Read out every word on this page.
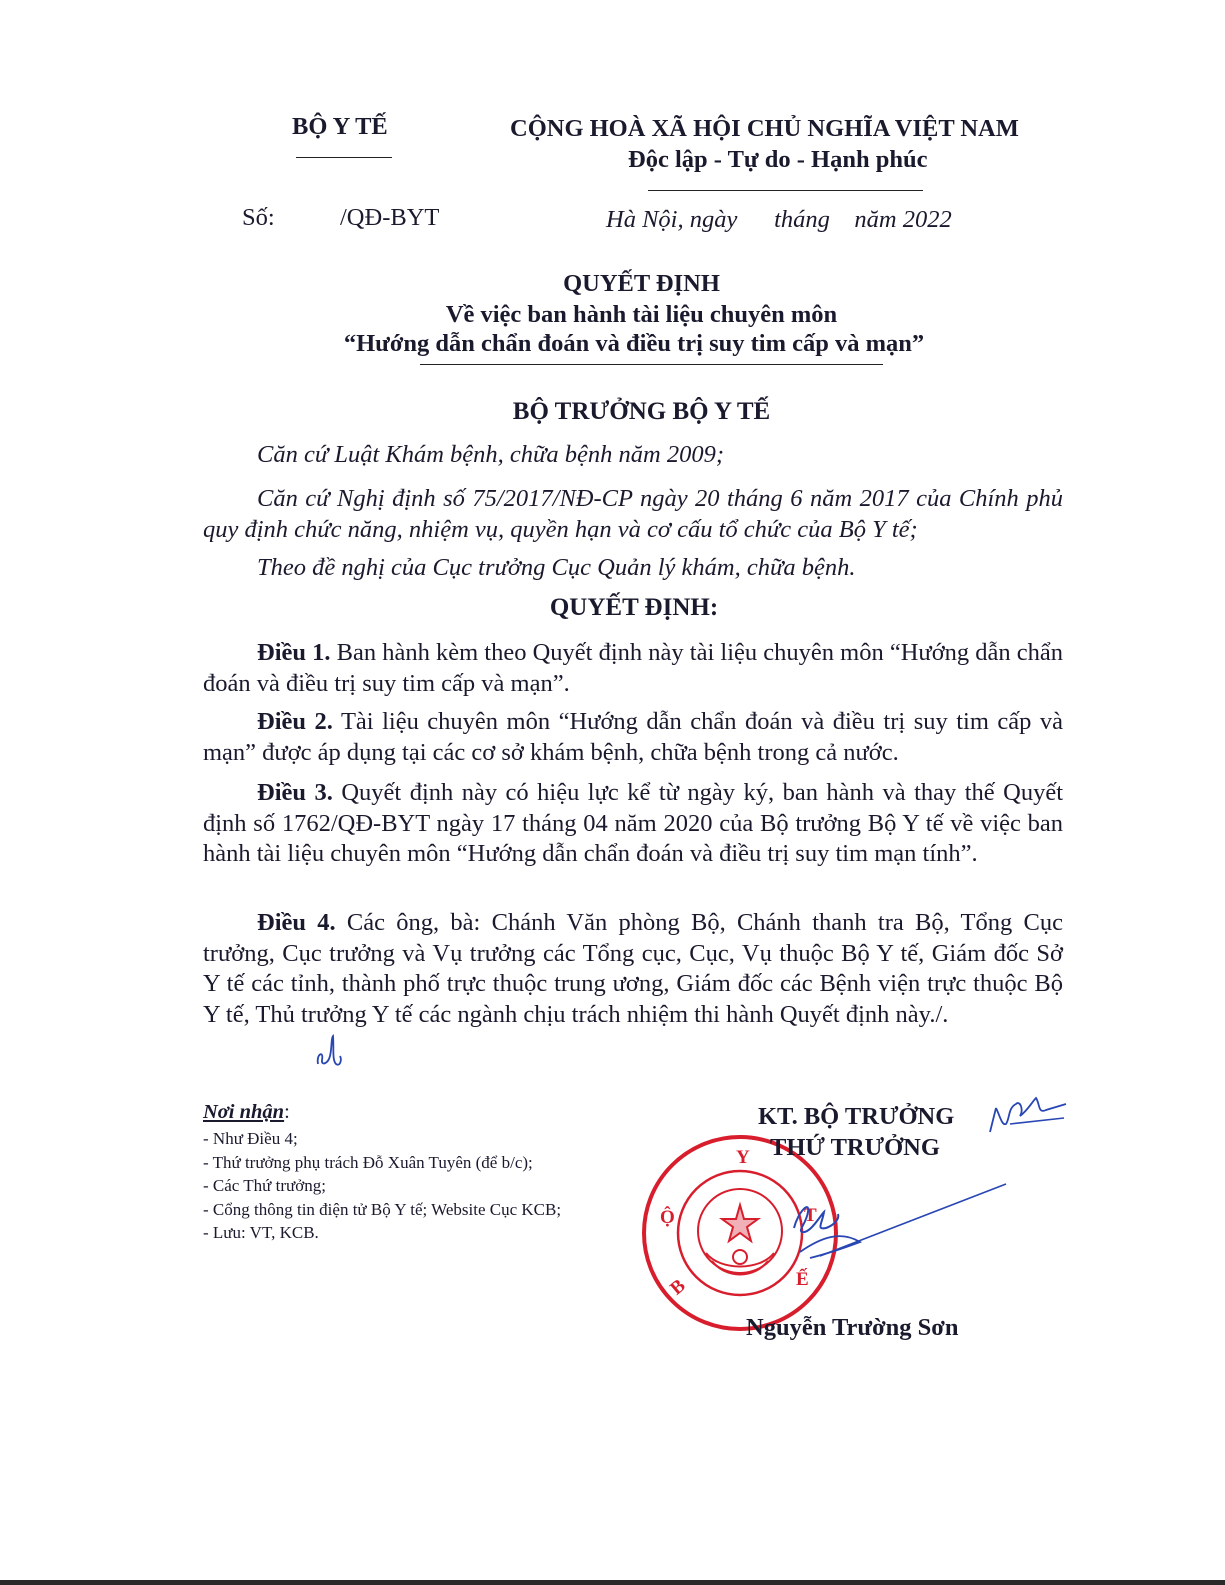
BỘ Y TẾ	CỘNG HOÀ XÃ HỘI CHỦ NGHĨA VIỆT NAM
Độc lập - Tự do - Hạnh phúc
Số:	/QĐ-BYT	Hà Nội, ngày      tháng    năm 2022
QUYẾT ĐỊNH
Về việc ban hành tài liệu chuyên môn
“Hướng dẫn chẩn đoán và điều trị suy tim cấp và mạn”
BỘ TRƯỞNG BỘ Y TẾ
Căn cứ Luật Khám bệnh, chữa bệnh năm 2009;
Căn cứ Nghị định số 75/2017/NĐ-CP ngày 20 tháng 6 năm 2017 của Chính phủ quy định chức năng, nhiệm vụ, quyền hạn và cơ cấu tổ chức của Bộ Y tế;
Theo đề nghị của Cục trưởng Cục Quản lý khám, chữa bệnh.
QUYẾT ĐỊNH:
Điều 1. Ban hành kèm theo Quyết định này tài liệu chuyên môn “Hướng dẫn chẩn đoán và điều trị suy tim cấp và mạn”.
Điều 2. Tài liệu chuyên môn “Hướng dẫn chẩn đoán và điều trị suy tim cấp và mạn” được áp dụng tại các cơ sở khám bệnh, chữa bệnh trong cả nước.
Điều 3. Quyết định này có hiệu lực kể từ ngày ký, ban hành và thay thế Quyết định số 1762/QĐ-BYT ngày 17 tháng 04 năm 2020 của Bộ trưởng Bộ Y tế về việc ban hành tài liệu chuyên môn “Hướng dẫn chẩn đoán và điều trị suy tim mạn tính”.
Điều 4. Các ông, bà: Chánh Văn phòng Bộ, Chánh thanh tra Bộ, Tổng Cục trưởng, Cục trưởng và Vụ trưởng các Tổng cục, Cục, Vụ thuộc Bộ Y tế, Giám đốc Sở Y tế các tỉnh, thành phố trực thuộc trung ương, Giám đốc các Bệnh viện trực thuộc Bộ Y tế, Thủ trưởng Y tế các ngành chịu trách nhiệm thi hành Quyết định này./.
Nơi nhận:
- Như Điều 4;
- Thứ trưởng phụ trách Đỗ Xuân Tuyên (để b/c);
- Các Thứ trưởng;
- Cổng thông tin điện tử Bộ Y tế; Website Cục KCB;
- Lưu: VT, KCB.
Y
Ộ
B
T
Ế
KT. BỘ TRƯỞNG
THỨ TRƯỞNG
Nguyễn Trường Sơn
